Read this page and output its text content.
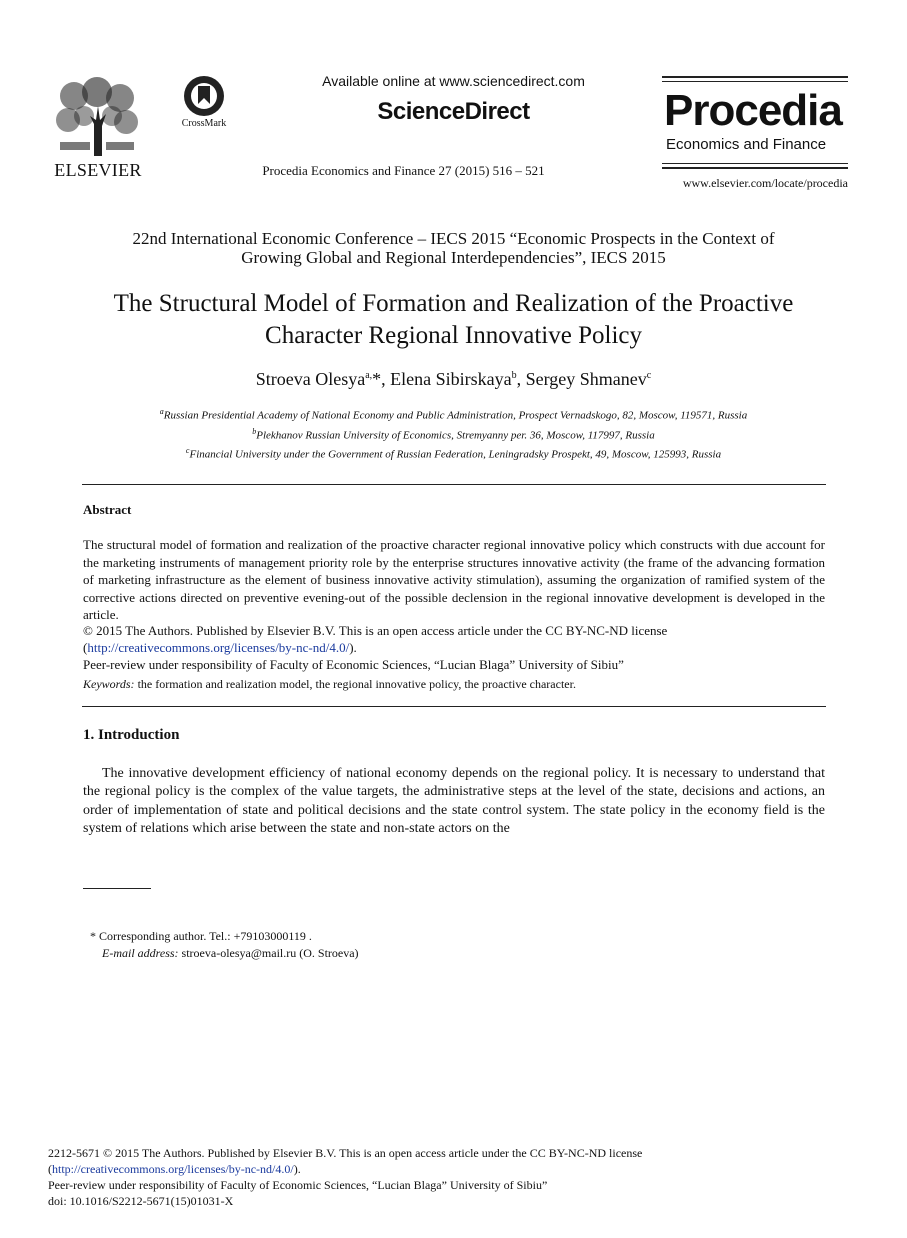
ELSEVIER
CrossMark
Available online at www.sciencedirect.com
ScienceDirect
Procedia Economics and Finance 27 (2015) 516 – 521
Procedia
Economics and Finance
www.elsevier.com/locate/procedia
22nd International Economic Conference – IECS 2015 “Economic Prospects in the Context of
Growing Global and Regional Interdependencies”, IECS 2015
The Structural Model of Formation and Realization of the Proactive
Character Regional Innovative Policy
Stroeva Olesya$^{a,}$*, Elena Sibirskaya$^b$, Sergey Shmanev$^c$
$^a$Russian Presidential Academy of National Economy and Public Administration, Prospect Vernadskogo, 82, Moscow, 119571, Russia
$^b$Plekhanov Russian University of Economics, Stremyanny per. 36, Moscow, 117997, Russia
$^c$Financial University under the Government of Russian Federation, Leningradsky Prospekt, 49, Moscow, 125993, Russia
Abstract
The structural model of formation and realization of the proactive character regional innovative policy which constructs with due account for the marketing instruments of management priority role by the enterprise structures innovative activity (the frame of the advancing formation of marketing infrastructure as the element of business innovative activity stimulation), assuming the organization of ramified system of the corrective actions directed on preventive evening-out of the possible declension in the regional innovative development is developed in the article.
© 2015 The Authors. Published by Elsevier B.V. This is an open access article under the CC BY-NC-ND license
(http://creativecommons.org/licenses/by-nc-nd/4.0/).
Peer-review under responsibility of Faculty of Economic Sciences, “Lucian Blaga” University of Sibiu”
Keywords: the formation and realization model, the regional innovative policy, the proactive character.
1. Introduction
The innovative development efficiency of national economy depends on the regional policy. It is necessary to understand that the regional policy is the complex of the value targets, the administrative steps at the level of the state, decisions and actions, an order of implementation of state and political decisions and the state control system. The state policy in the economy field is the system of relations which arise between the state and non-state actors on the
* Corresponding author. Tel.: +79103000119 .
E-mail address: stroeva-olesya@mail.ru (O. Stroeva)
2212-5671 © 2015 The Authors. Published by Elsevier B.V. This is an open access article under the CC BY-NC-ND license
(http://creativecommons.org/licenses/by-nc-nd/4.0/).
Peer-review under responsibility of Faculty of Economic Sciences, “Lucian Blaga” University of Sibiu”
doi: 10.1016/S2212-5671(15)01031-X
